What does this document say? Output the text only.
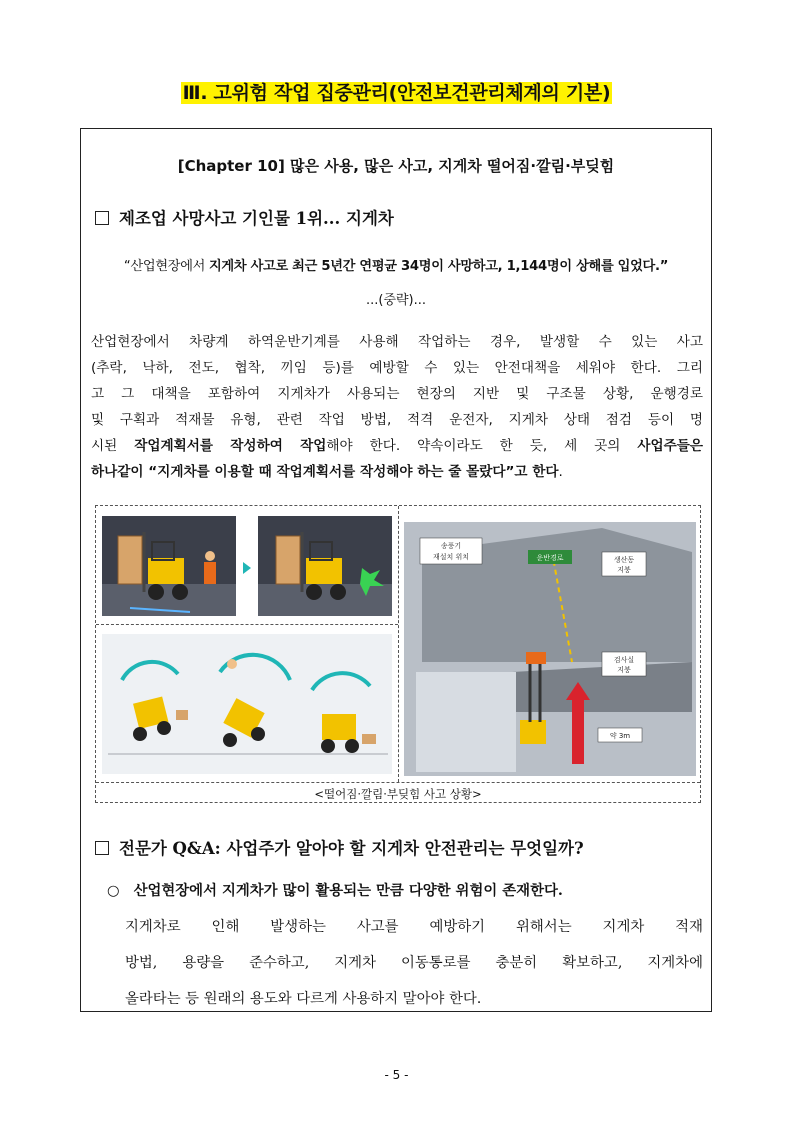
Ⅲ. 고위험 작업 집중관리(안전보건관리체계의 기본)
[Chapter 10] 많은 사용, 많은 사고, 지게차 떨어짐·깔림·부딪힘
제조업 사망사고 기인물 1위... 지게차
“산업현장에서 지게차 사고로 최근 5년간 연평균 34명이 사망하고, 1,144명이 상해를 입었다.”
...(중략)...
산업현장에서 차량계 하역운반기계를 사용해 작업하는 경우, 발생할 수 있는 사고
(추락, 낙하, 전도, 협착, 끼임 등)를 예방할 수 있는 안전대책을 세워야 한다. 그리
고 그 대책을 포함하여 지게차가 사용되는 현장의 지반 및 구조물 상황, 운행경로
및 구획과 적재물 유형, 관련 작업 방법, 적격 운전자, 지게차 상태 점검 등이 명
시된 작업계획서를 작성하여 작업해야 한다. 약속이라도 한 듯, 세 곳의 사업주들은
하나같이 “지게차를 이용할 때 작업계획서를 작성해야 하는 줄 몰랐다”고 한다.
송풍기
재설치 위치	운반경로	생산동
지붕
검사실
지붕
약 3m
<떨어짐·깔림·부딪힘 사고 상황>
전문가 Q&A: 사업주가 알아야 할 지게차 안전관리는 무엇일까?
○ 산업현장에서 지게차가 많이 활용되는 만큼 다양한 위험이 존재한다.
지게차로 인해 발생하는 사고를 예방하기 위해서는 지게차 적재
방법, 용량을 준수하고, 지게차 이동통로를 충분히 확보하고, 지게차에
올라타는 등 원래의 용도와 다르게 사용하지 말아야 한다.
- 5 -
